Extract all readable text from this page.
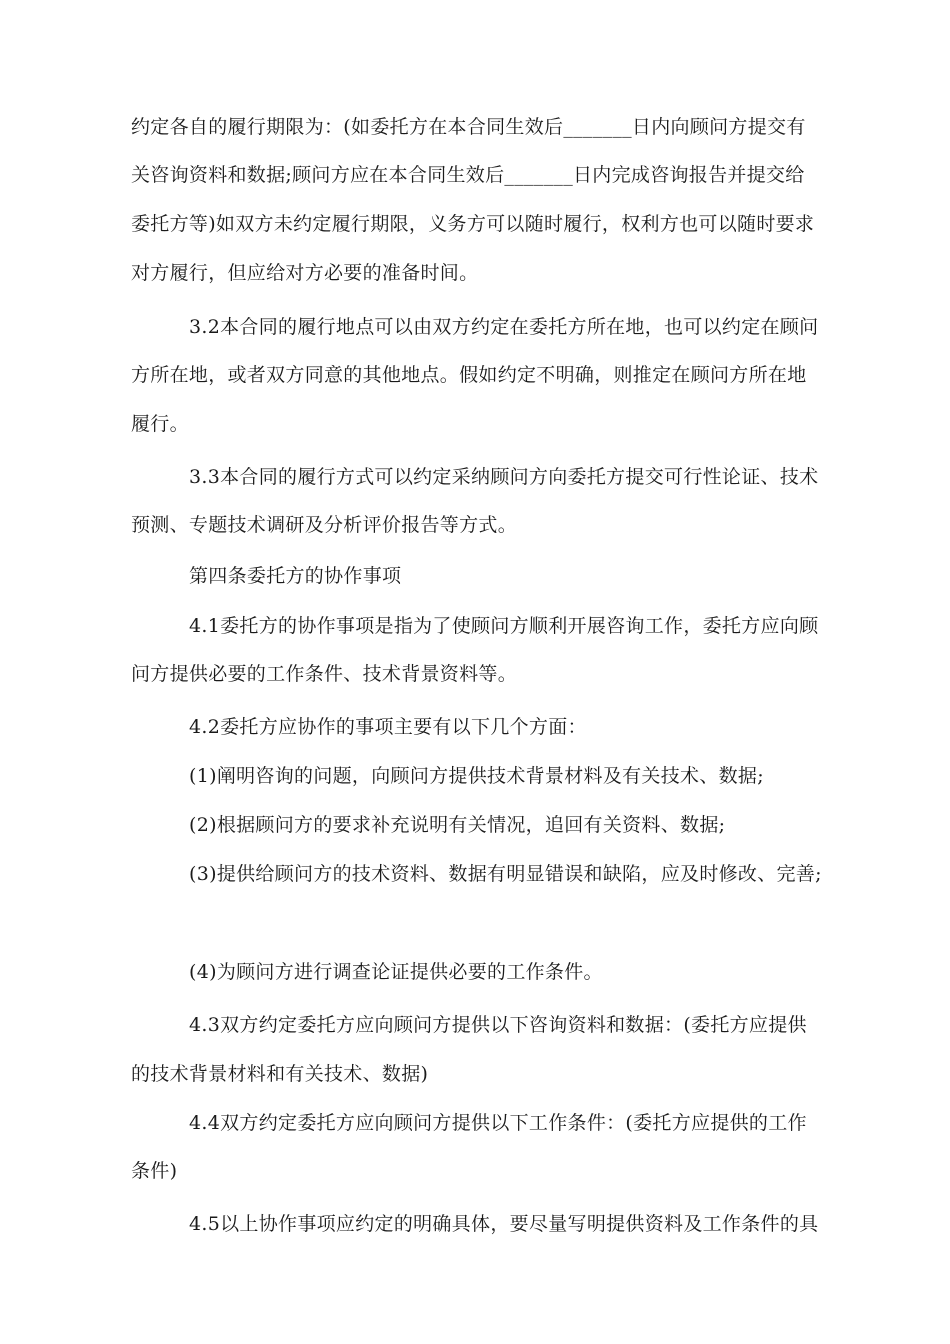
约定各自的履行期限为：(如委托方在本合同生效后_______日内向顾问方提交有
关咨询资料和数据;顾问方应在本合同生效后_______日内完成咨询报告并提交给
委托方等)如双方未约定履行期限，义务方可以随时履行，权利方也可以随时要求
对方履行，但应给对方必要的准备时间。
3.2本合同的履行地点可以由双方约定在委托方所在地，也可以约定在顾问
方所在地，或者双方同意的其他地点。假如约定不明确，则推定在顾问方所在地
履行。
3.3本合同的履行方式可以约定采纳顾问方向委托方提交可行性论证、技术
预测、专题技术调研及分析评价报告等方式。
第四条委托方的协作事项
4.1委托方的协作事项是指为了使顾问方顺利开展咨询工作，委托方应向顾
问方提供必要的工作条件、技术背景资料等。
4.2委托方应协作的事项主要有以下几个方面：
(1)阐明咨询的问题，向顾问方提供技术背景材料及有关技术、数据;
(2)根据顾问方的要求补充说明有关情况，追回有关资料、数据;
(3)提供给顾问方的技术资料、数据有明显错误和缺陷，应及时修改、完善;
(4)为顾问方进行调查论证提供必要的工作条件。
4.3双方约定委托方应向顾问方提供以下咨询资料和数据：(委托方应提供
的技术背景材料和有关技术、数据)
4.4双方约定委托方应向顾问方提供以下工作条件：(委托方应提供的工作
条件)
4.5以上协作事项应约定的明确具体，要尽量写明提供资料及工作条件的具
